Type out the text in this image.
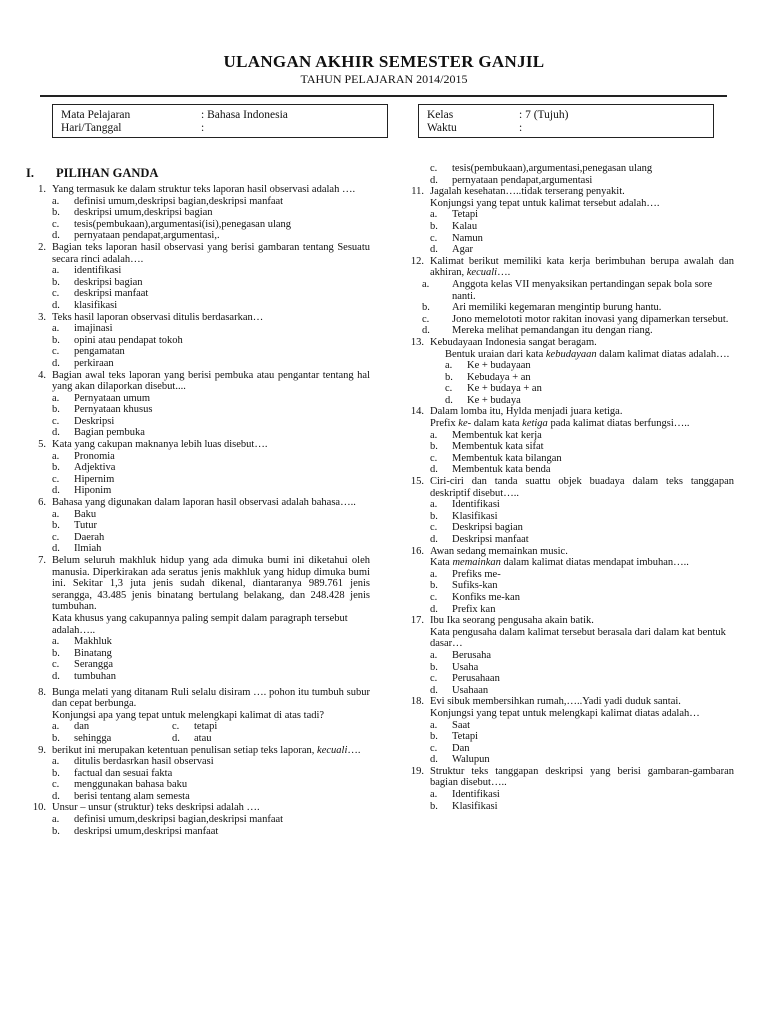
ULANGAN AKHIR SEMESTER GANJIL
TAHUN PELAJARAN 2014/2015
Mata Pelajaran	: Bahasa Indonesia
Hari/Tanggal	:
Kelas	: 7 (Tujuh)
Waktu	:
I.	PILIHAN GANDA
1. Yang termasuk ke dalam struktur teks laporan hasil observasi adalah ….
a.	definisi umum,deskripsi bagian,deskripsi manfaat
b.	deskripsi umum,deskripsi bagian
c.	tesis(pembukaan),argumentasi(isi),penegasan ulang
d.	pernyataan pendapat,argumentasi,.
2. Bagian teks laporan hasil observasi yang berisi gambaran tentang Sesuatu secara rinci adalah….
a.	identifikasi
b.	deskripsi bagian
c.	deskripsi manfaat
d.	klasifikasi
3. Teks hasil laporan observasi ditulis berdasarkan…
a.	imajinasi
b.	opini atau pendapat tokoh
c.	pengamatan
d.	perkiraan
4. Bagian awal teks laporan yang berisi pembuka atau pengantar tentang hal yang akan dilaporkan disebut....
a.	Pernyataan umum
b.	Pernyataan khusus
c.	Deskripsi
d.	Bagian pembuka
5. Kata yang cakupan maknanya lebih luas disebut….
a.	Pronomia
b.	Adjektiva
c.	Hipernim
d.	Hiponim
6. Bahasa yang digunakan dalam laporan hasil observasi adalah bahasa…..
a.	Baku
b.	Tutur
c.	Daerah
d.	Ilmiah
7. Belum seluruh makhluk hidup yang ada dimuka bumi ini diketahui oleh manusia. Diperkirakan ada seratus jenis makhluk yang hidup dimuka bumi ini. Sekitar 1,3 juta jenis sudah dikenal, diantaranya 989.761 jenis serangga, 43.485 jenis binatang bertulang belakang, dan 248.428 jenis tumbuhan.
Kata khusus yang cakupannya paling sempit dalam paragraph tersebut adalah…..
a.	Makhluk
b.	Binatang
c.	Serangga
d.	tumbuhan
8. Bunga melati yang ditanam Ruli selalu disiram …. pohon itu tumbuh subur dan cepat berbunga.
Konjungsi apa yang tepat untuk melengkapi kalimat di atas tadi?
a.	dan	c.	tetapi
b.	sehingga	d.	atau
9. berikut ini merupakan ketentuan penulisan setiap teks laporan, kecuali….
a.	ditulis berdasrkan hasil observasi
b.	factual dan sesuai fakta
c.	menggunakan bahasa baku
d.	berisi tentang alam semesta
10. Unsur – unsur (struktur) teks deskripsi adalah ….
a.	definisi umum,deskripsi bagian,deskripsi manfaat
b.	deskripsi umum,deskripsi manfaat
c.	tesis(pembukaan),argumentasi,penegasan ulang
d.	pernyataan pendapat,argumentasi
11. Jagalah kesehatan…..tidak terserang penyakit.
Konjungsi yang tepat untuk kalimat tersebut adalah….
a.	Tetapi
b.	Kalau
c.	Namun
d.	Agar
12. Kalimat berikut memiliki kata kerja berimbuhan berupa awalah dan akhiran, kecuali….
a.	Anggota kelas VII menyaksikan pertandingan sepak bola sore nanti.
b.	Ari memiliki kegemaran mengintip burung hantu.
c.	Jono memelototi motor rakitan inovasi yang dipamerkan tersebut.
d.	Mereka melihat pemandangan itu dengan riang.
13. Kebudayaan Indonesia sangat beragam.
Bentuk uraian dari kata kebudayaan dalam kalimat diatas adalah….
a.	Ke + budayaan
b.	Kebudaya + an
c.	Ke + budaya + an
d.	Ke + budaya
14. Dalam lomba itu, Hylda menjadi juara ketiga.
Prefix ke- dalam kata ketiga pada kalimat diatas berfungsi…..
a.	Membentuk kat kerja
b.	Membentuk kata sifat
c.	Membentuk kata bilangan
d.	Membentuk kata benda
15. Ciri-ciri dan tanda suattu objek buadaya dalam teks tanggapan deskriptif disebut…..
a.	Identifikasi
b.	Klasifikasi
c.	Deskripsi bagian
d.	Deskripsi manfaat
16. Awan sedang memainkan music.
Kata memainkan dalam kalimat diatas mendapat imbuhan…..
a.	Prefiks me-
b.	Sufiks-kan
c.	Konfiks me-kan
d.	Prefix kan
17. Ibu Ika seorang pengusaha akain batik.
Kata pengusaha dalam kalimat tersebut berasala dari dalam kat bentuk dasar…
a.	Berusaha
b.	Usaha
c.	Perusahaan
d.	Usahaan
18. Evi sibuk membersihkan rumah,…..Yadi yadi duduk santai.
Konjungsi yang tepat untuk melengkapi kalimat diatas adalah…
a.	Saat
b.	Tetapi
c.	Dan
d.	Walupun
19. Struktur teks tanggapan deskripsi yang berisi gambaran-gambaran bagian disebut…..
a.	Identifikasi
b.	Klasifikasi
